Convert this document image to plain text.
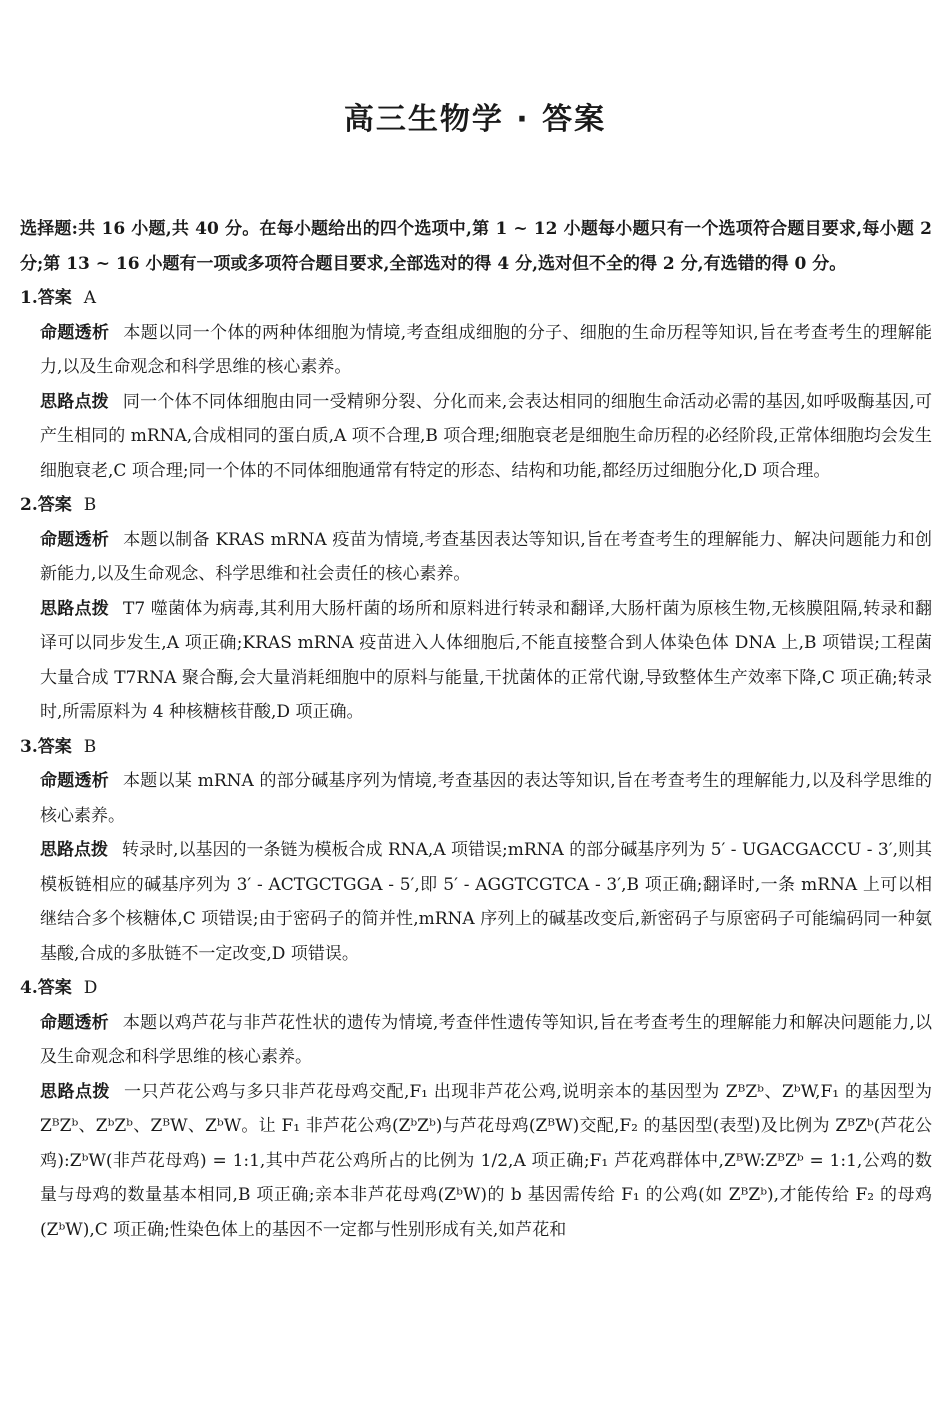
高三生物学 · 答案

选择题:共 16 小题,共 40 分。在每小题给出的四个选项中,第 1 ~ 12 小题每小题只有一个选项符合题目要求,每小题 2 分;第 13 ~ 16 小题有一项或多项符合题目要求,全部选对的得 4 分,选对但不全的得 2 分,有选错的得 0 分。

1.答案 A

命题透析 本题以同一个体的两种体细胞为情境,考查组成细胞的分子、细胞的生命历程等知识,旨在考查考生的理解能力,以及生命观念和科学思维的核心素养。

思路点拨 同一个体不同体细胞由同一受精卵分裂、分化而来,会表达相同的细胞生命活动必需的基因,如呼吸酶基因,可产生相同的 mRNA,合成相同的蛋白质,A 项不合理,B 项合理;细胞衰老是细胞生命历程的必经阶段,正常体细胞均会发生细胞衰老,C 项合理;同一个体的不同体细胞通常有特定的形态、结构和功能,都经历过细胞分化,D 项合理。

2.答案 B

命题透析 本题以制备 KRAS mRNA 疫苗为情境,考查基因表达等知识,旨在考查考生的理解能力、解决问题能力和创新能力,以及生命观念、科学思维和社会责任的核心素养。

思路点拨 T7 噬菌体为病毒,其利用大肠杆菌的场所和原料进行转录和翻译,大肠杆菌为原核生物,无核膜阻隔,转录和翻译可以同步发生,A 项正确;KRAS mRNA 疫苗进入人体细胞后,不能直接整合到人体染色体 DNA 上,B 项错误;工程菌大量合成 T7RNA 聚合酶,会大量消耗细胞中的原料与能量,干扰菌体的正常代谢,导致整体生产效率下降,C 项正确;转录时,所需原料为 4 种核糖核苷酸,D 项正确。

3.答案 B

命题透析 本题以某 mRNA 的部分碱基序列为情境,考查基因的表达等知识,旨在考查考生的理解能力,以及科学思维的核心素养。

思路点拨 转录时,以基因的一条链为模板合成 RNA,A 项错误;mRNA 的部分碱基序列为 5′ - UGACGACCU - 3′,则其模板链相应的碱基序列为 3′ - ACTGCTGGA - 5′,即 5′ - AGGTCGTCA - 3′,B 项正确;翻译时,一条 mRNA 上可以相继结合多个核糖体,C 项错误;由于密码子的简并性,mRNA 序列上的碱基改变后,新密码子与原密码子可能编码同一种氨基酸,合成的多肽链不一定改变,D 项错误。

4.答案 D

命题透析 本题以鸡芦花与非芦花性状的遗传为情境,考查伴性遗传等知识,旨在考查考生的理解能力和解决问题能力,以及生命观念和科学思维的核心素养。

思路点拨 一只芦花公鸡与多只非芦花母鸡交配,F₁ 出现非芦花公鸡,说明亲本的基因型为 ZᴮZᵇ、ZᵇW,F₁ 的基因型为 ZᴮZᵇ、ZᵇZᵇ、ZᴮW、ZᵇW。让 F₁ 非芦花公鸡(ZᵇZᵇ)与芦花母鸡(ZᴮW)交配,F₂ 的基因型(表型)及比例为 ZᴮZᵇ(芦花公鸡):ZᵇW(非芦花母鸡) = 1:1,其中芦花公鸡所占的比例为 1/2,A 项正确;F₁ 芦花鸡群体中,ZᴮW:ZᴮZᵇ = 1:1,公鸡的数量与母鸡的数量基本相同,B 项正确;亲本非芦花母鸡(ZᵇW)的 b 基因需传给 F₁ 的公鸡(如 ZᴮZᵇ),才能传给 F₂ 的母鸡(ZᵇW),C 项正确;性染色体上的基因不一定都与性别形成有关,如芦花和
